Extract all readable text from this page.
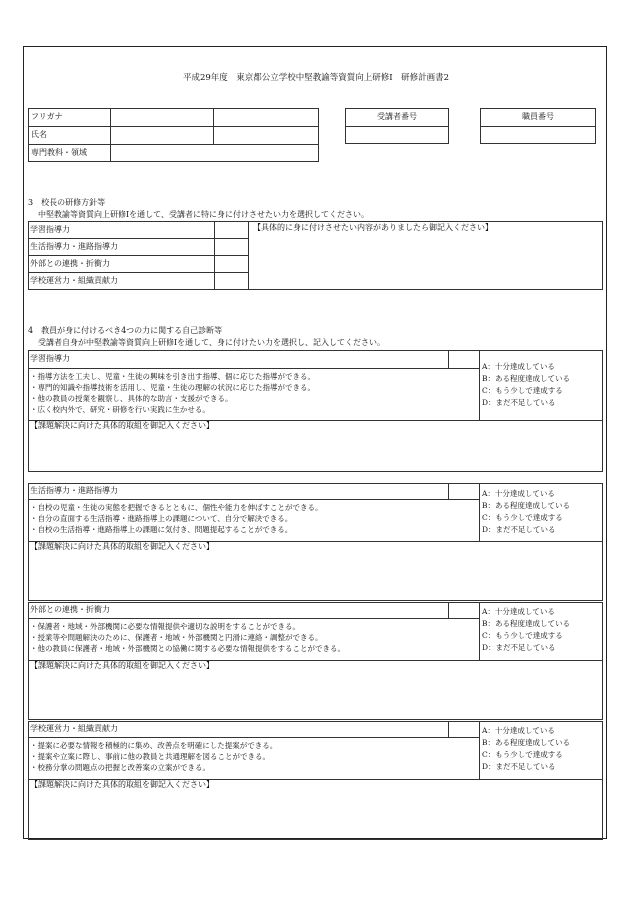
平成29年度　東京都公立学校中堅教諭等資質向上研修Ⅰ　研修計画書2
フリガナ
氏名
専門教科・領域
受講者番号	職員番号
3　校長の研修方針等
中堅教諭等資質向上研修Ⅰを通して、受講者に特に身に付けさせたい力を選択してください。
学習指導力
生活指導力・進路指導力
外部との連携・折衝力
学校運営力・組織貢献力
【具体的に身に付けさせたい内容がありましたら御記入ください】
4　教員が身に付けるべき4つの力に関する自己診断等
受講者自身が中堅教諭等資質向上研修Ⅰを通して、身に付けたい力を選択し、記入してください。
学習指導力
・指導方法を工夫し、児童・生徒の興味を引き出す指導、個に応じた指導ができる。
・専門的知識や指導技術を活用し、児童・生徒の理解の状況に応じた指導ができる。
・他の教員の授業を観察し、具体的な助言・支援ができる。
・広く校内外で、研究・研修を行い実践に生かせる。
A：十分達成している
B：ある程度達成している
C：もう少しで達成する
D：まだ不足している
【課題解決に向けた具体的取組を御記入ください】
生活指導力・進路指導力
・自校の児童・生徒の実態を把握できるとともに、個性や能力を伸ばすことができる。
・自分の直面する生活指導・進路指導上の課題について、自分で解決できる。
・自校の生活指導・進路指導上の課題に気付き、問題提起することができる。
A：十分達成している
B：ある程度達成している
C：もう少しで達成する
D：まだ不足している
【課題解決に向けた具体的取組を御記入ください】
外部との連携・折衝力
・保護者・地域・外部機関に必要な情報提供や適切な説明をすることができる。
・授業等や問題解決のために、保護者・地域・外部機関と円滑に連絡・調整ができる。
・他の教員に保護者・地域・外部機関との協働に関する必要な情報提供をすることができる。
A：十分達成している
B：ある程度達成している
C：もう少しで達成する
D：まだ不足している
【課題解決に向けた具体的取組を御記入ください】
学校運営力・組織貢献力
・提案に必要な情報を積極的に集め、改善点を明確にした提案ができる。
・提案や立案に際し、事前に他の教員と共通理解を図ることができる。
・校務分掌の問題点の把握と改善案の立案ができる。
A：十分達成している
B：ある程度達成している
C：もう少しで達成する
D：まだ不足している
【課題解決に向けた具体的取組を御記入ください】
